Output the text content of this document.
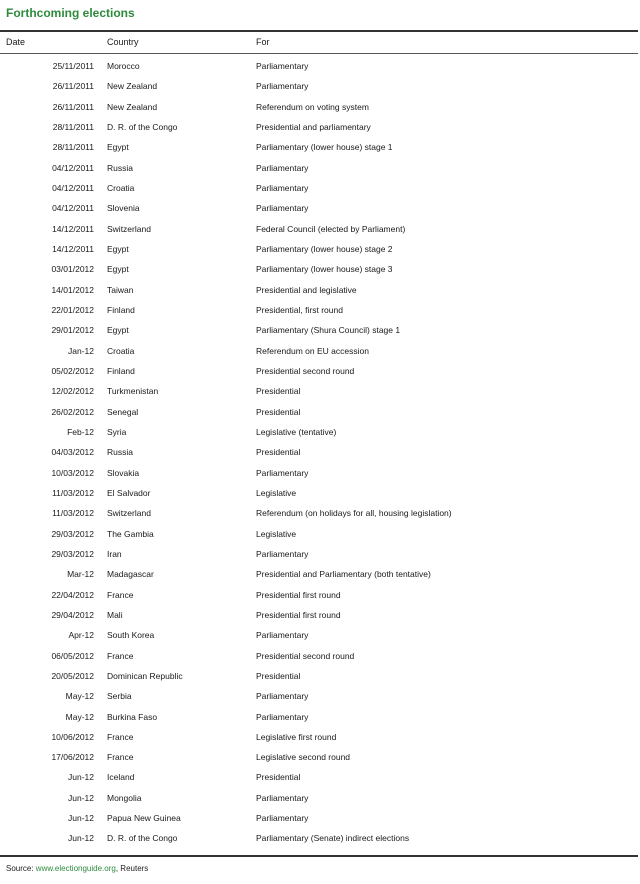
Forthcoming elections
Date	Country	For
25/11/2011 Morocco	Parliamentary
26/11/2011 New Zealand	Parliamentary
26/11/2011 New Zealand	Referendum on voting system
28/11/2011 D. R. of the Congo	Presidential and parliamentary
28/11/2011 Egypt	Parliamentary (lower house) stage 1
04/12/2011 Russia	Parliamentary
04/12/2011 Croatia	Parliamentary
04/12/2011 Slovenia	Parliamentary
14/12/2011 Switzerland	Federal Council (elected by Parliament)
14/12/2011 Egypt	Parliamentary (lower house) stage 2
03/01/2012 Egypt	Parliamentary (lower house) stage 3
14/01/2012 Taiwan	Presidential and legislative
22/01/2012 Finland	Presidential, first round
29/01/2012 Egypt	Parliamentary (Shura Council) stage 1
Jan-12 Croatia	Referendum on EU accession
05/02/2012 Finland	Presidential second round
12/02/2012 Turkmenistan	Presidential
26/02/2012 Senegal	Presidential
Feb-12 Syria	Legislative (tentative)
04/03/2012 Russia	Presidential
10/03/2012 Slovakia	Parliamentary
11/03/2012 El Salvador	Legislative
11/03/2012 Switzerland	Referendum (on holidays for all, housing legislation)
29/03/2012 The Gambia	Legislative
29/03/2012 Iran	Parliamentary
Mar-12 Madagascar	Presidential and Parliamentary (both tentative)
22/04/2012 France	Presidential first round
29/04/2012 Mali	Presidential first round
Apr-12 South Korea	Parliamentary
06/05/2012 France	Presidential second round
20/05/2012 Dominican Republic	Presidential
May-12 Serbia	Parliamentary
May-12 Burkina Faso	Parliamentary
10/06/2012 France	Legislative first round
17/06/2012 France	Legislative second round
Jun-12 Iceland	Presidential
Jun-12 Mongolia	Parliamentary
Jun-12 Papua New Guinea	Parliamentary
Jun-12 D. R. of the Congo	Parliamentary (Senate) indirect elections
Source: www.electionguide.org, Reuters
